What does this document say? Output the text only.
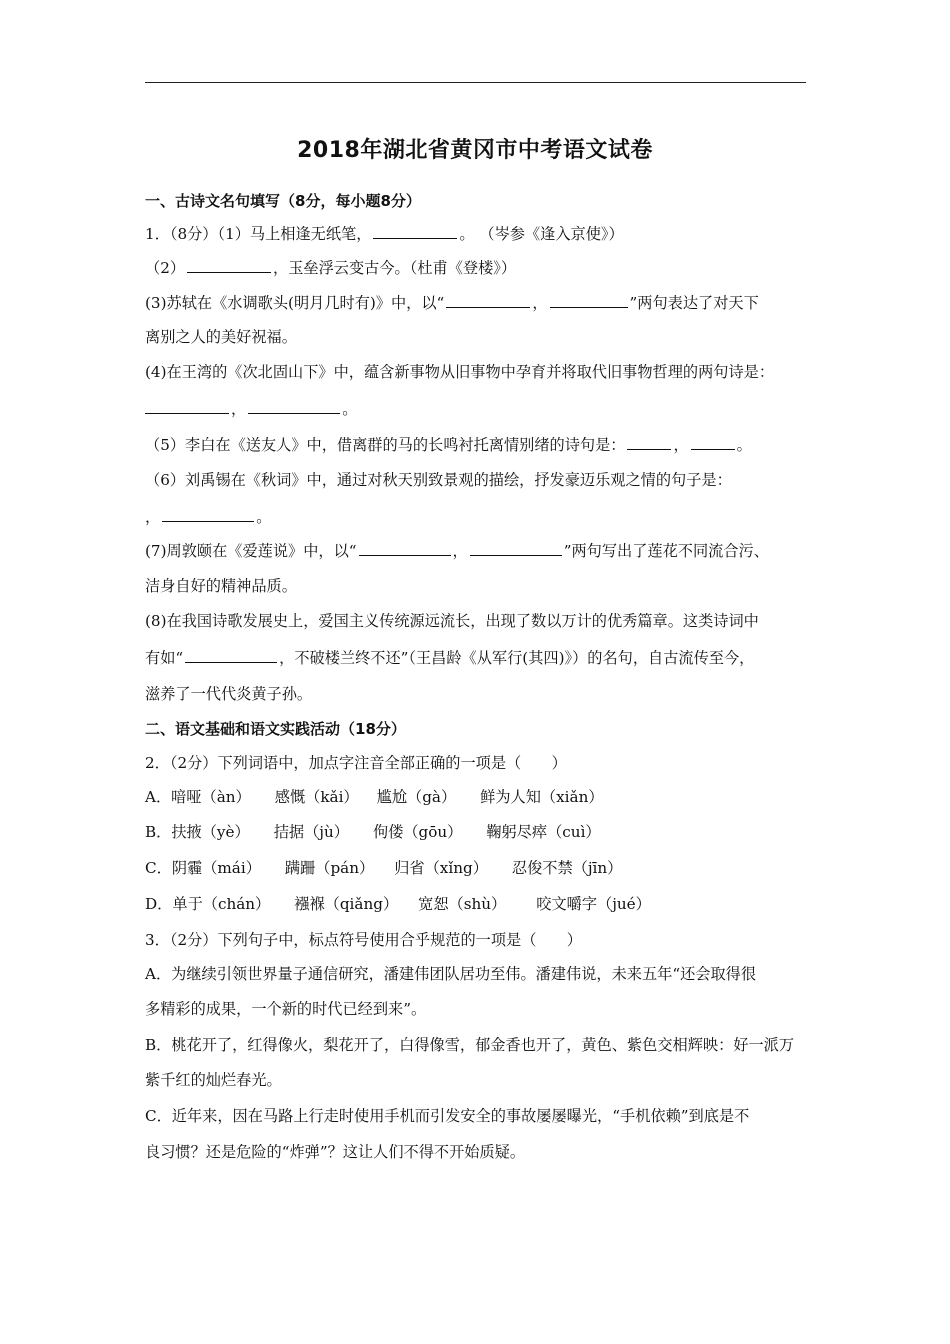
2018年湖北省黄冈市中考语文试卷
一、古诗文名句填写（8分，每小题8分）
1．（8分）（1）马上相逢无纸笔，	。 （岑参《逢入京使》）
（2）	，玉垒浮云变古今。（杜甫《登楼》）
(3)苏轼在《水调歌头(明月几时有)》中，以“	，	”两句表达了对天下
离别之人的美好祝福。
(4)在王湾的《次北固山下》中，蕴含新事物从旧事物中孕育并将取代旧事物哲理的两句诗是：
，	。
（5）李白在《送友人》中，借离群的马的长鸣衬托离情别绪的诗句是：	，	。
（6）刘禹锡在《秋词》中，通过对秋天别致景观的描绘，抒发豪迈乐观之情的句子是：
，	。
(7)周敦颐在《爱莲说》中，以“	，	”两句写出了莲花不同流合污、
洁身自好的精神品质。
(8)在我国诗歌发展史上，爱国主义传统源远流长，出现了数以万计的优秀篇章。这类诗词中
有如“	，不破楼兰终不还”（王昌龄《从军行(其四)》）的名句，自古流传至今，
滋养了一代代炎黄子孙。
二、语文基础和语文实践活动（18分）
2．（2分）下列词语中，加点字注音全部正确的一项是（　　）
A．喑哑（àn） 感慨（kǎi） 尴尬（gà） 鲜为人知（xiǎn）
B．扶掖（yè） 拮据（jù） 佝偻（gōu） 鞠躬尽瘁（cuì）
C．阴霾（mái） 蹒跚（pán） 归省（xǐng） 忍俊不禁（jīn）
D．单于（chán） 襁褓（qiǎng） 宽恕（shù） 咬文嚼字（jué）
3．（2分）下列句子中，标点符号使用合乎规范的一项是（　　）
A．为继续引领世界量子通信研究，潘建伟团队居功至伟。潘建伟说，未来五年“还会取得很
多精彩的成果，一个新的时代已经到来”。
B．桃花开了，红得像火，梨花开了，白得像雪，郁金香也开了，黄色、紫色交相辉映：好一派万
紫千红的灿烂春光。
C．近年来，因在马路上行走时使用手机而引发安全的事故屡屡曝光，“手机依赖”到底是不
良习惯？还是危险的“炸弹”？这让人们不得不开始质疑。
